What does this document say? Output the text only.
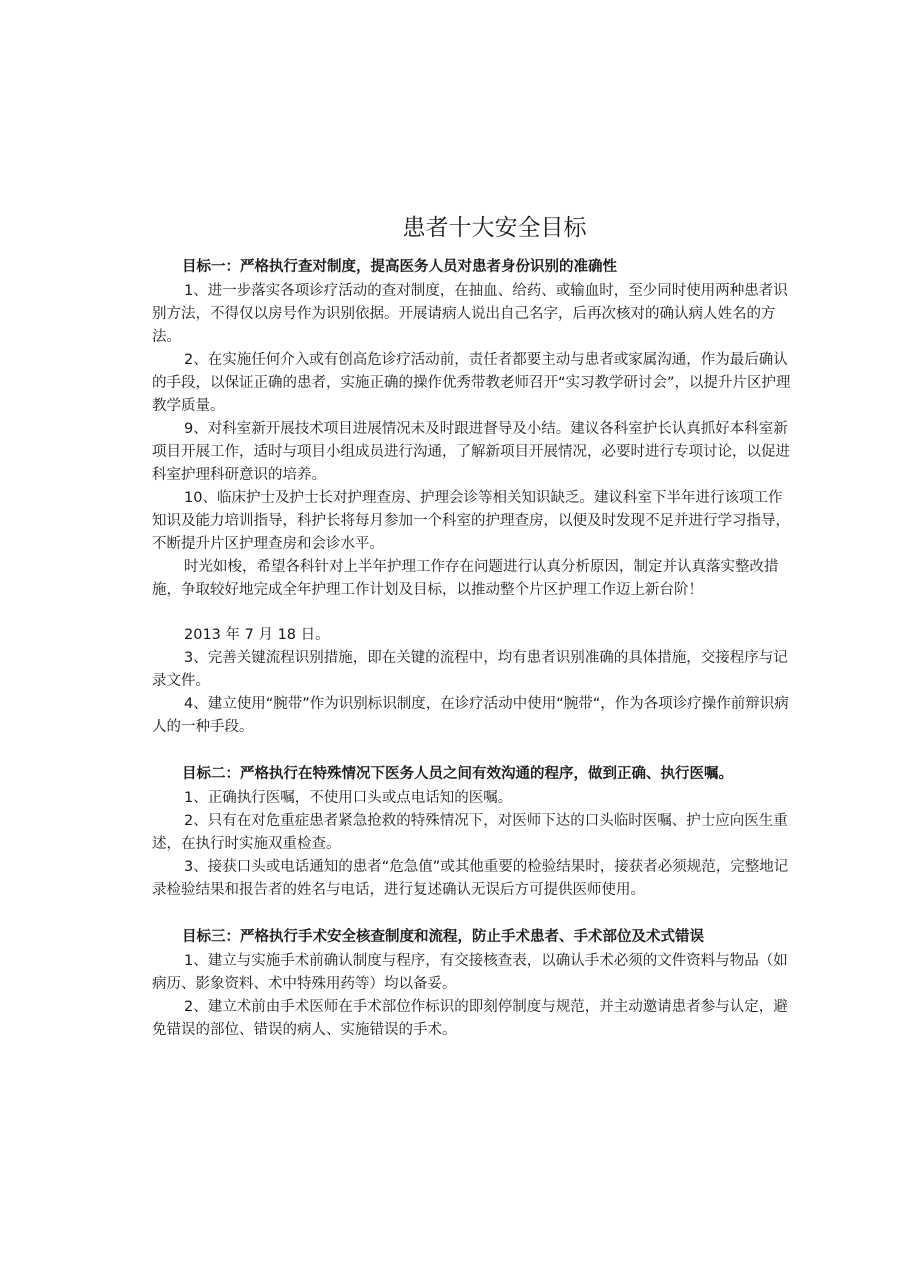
患者十大安全目标

目标一：严格执行查对制度，提高医务人员对患者身份识别的准确性

1、进一步落实各项诊疗活动的查对制度，在抽血、给药、或输血时，至少同时使用两种患者识别方法，不得仅以房号作为识别依据。开展请病人说出自己名字，后再次核对的确认病人姓名的方法。

2、在实施任何介入或有创高危诊疗活动前，责任者都要主动与患者或家属沟通，作为最后确认的手段，以保证正确的患者，实施正确的操作优秀带教老师召开“实习教学研讨会”，以提升片区护理教学质量。

9、对科室新开展技术项目进展情况未及时跟进督导及小结。建议各科室护长认真抓好本科室新项目开展工作，适时与项目小组成员进行沟通，了解新项目开展情况，必要时进行专项讨论，以促进科室护理科研意识的培养。

10、临床护士及护士长对护理查房、护理会诊等相关知识缺乏。建议科室下半年进行该项工作知识及能力培训指导，科护长将每月参加一个科室的护理查房，以便及时发现不足并进行学习指导，不断提升片区护理查房和会诊水平。

时光如梭，希望各科针对上半年护理工作存在问题进行认真分析原因，制定并认真落实整改措施，争取较好地完成全年护理工作计划及目标，以推动整个片区护理工作迈上新台阶！

2013 年 7 月 18 日。

3、完善关键流程识别措施，即在关键的流程中，均有患者识别准确的具体措施，交接程序与记录文件。

4、建立使用“腕带”作为识别标识制度，在诊疗活动中使用“腕带“，作为各项诊疗操作前辩识病人的一种手段。

目标二：严格执行在特殊情况下医务人员之间有效沟通的程序，做到正确、执行医嘱。

1、正确执行医嘱，不使用口头或点电话知的医嘱。

2、只有在对危重症患者紧急抢救的特殊情况下，对医师下达的口头临时医嘱、护士应向医生重述，在执行时实施双重检查。

3、接获口头或电话通知的患者“危急值”或其他重要的检验结果时，接获者必须规范，完整地记录检验结果和报告者的姓名与电话，进行复述确认无误后方可提供医师使用。

目标三：严格执行手术安全核查制度和流程，防止手术患者、手术部位及术式错误

1、建立与实施手术前确认制度与程序，有交接核查表，以确认手术必须的文件资料与物品（如病历、影象资料、术中特殊用药等）均以备妥。

2、建立术前由手术医师在手术部位作标识的即刻停制度与规范，并主动邀请患者参与认定，避免错误的部位、错误的病人、实施错误的手术。
